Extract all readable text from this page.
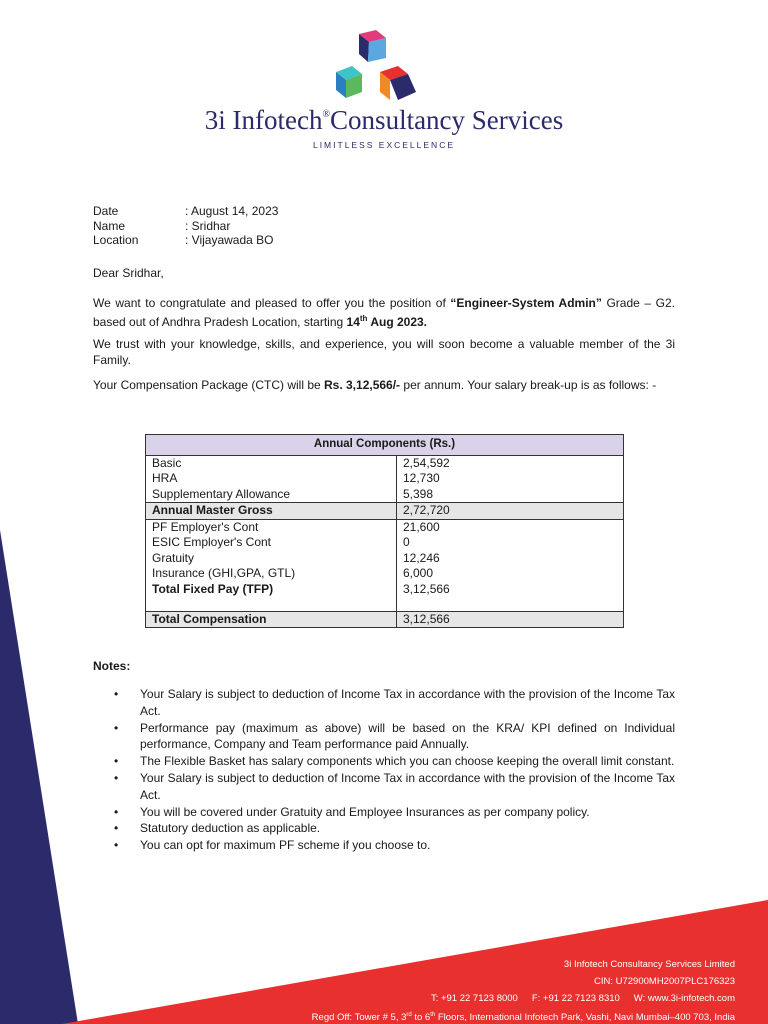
3i Infotech®Consultancy Services
LIMITLESS EXCELLENCE
Date	: August 14, 2023
Name	: Sridhar
Location	: Vijayawada BO
Dear Sridhar,
We want to congratulate and pleased to offer you the position of “Engineer-System Admin” Grade – G2. based out of Andhra Pradesh Location, starting 14th Aug 2023.
We trust with your knowledge, skills, and experience, you will soon become a valuable member of the 3i Family.
Your Compensation Package (CTC) will be Rs. 3,12,566/- per annum. Your salary break-up is as follows: -
Annual Components (Rs.)	
Basic	2,54,592
HRA	12,730
Supplementary Allowance	5,398
Annual Master Gross	2,72,720
PF Employer's Cont	21,600
ESIC Employer's Cont	0
Gratuity	12,246
Insurance (GHI,GPA, GTL)	6,000
Total Fixed Pay (TFP)	3,12,566

Total Compensation	3,12,566
Notes:
• Your Salary is subject to deduction of Income Tax in accordance with the provision of the Income Tax Act.
• Performance pay (maximum as above) will be based on the KRA/ KPI defined on Individual performance, Company and Team performance paid Annually.
• The Flexible Basket has salary components which you can choose keeping the overall limit constant.
• Your Salary is subject to deduction of Income Tax in accordance with the provision of the Income Tax Act.
• You will be covered under Gratuity and Employee Insurances as per company policy.
• Statutory deduction as applicable.
• You can opt for maximum PF scheme if you choose to.
3i Infotech Consultancy Services Limited
CIN: U72900MH2007PLC176323
T: +91 22 7123 8000 F: +91 22 7123 8310 W: www.3i-infotech.com
Regd Off: Tower # 5, 3rd to 6th Floors, International Infotech Park, Vashi, Navi Mumbai–400 703, India
